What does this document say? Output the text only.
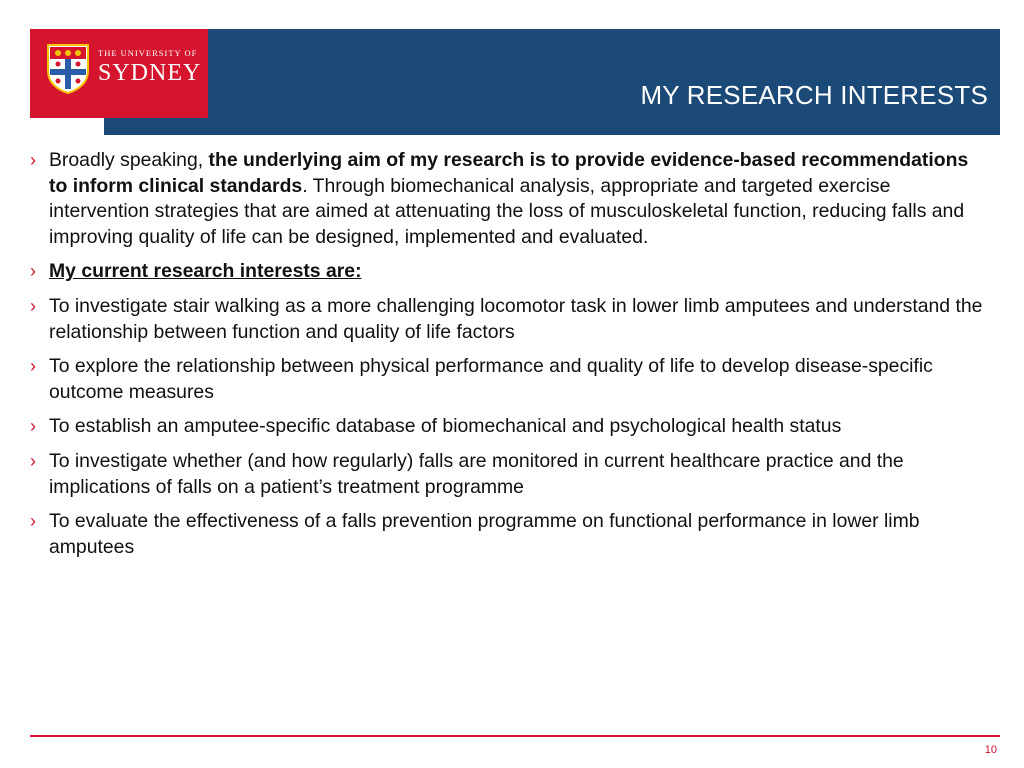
THE UNIVERSITY OF
SYDNEY
MY RESEARCH INTERESTS
› Broadly speaking, the underlying aim of my research is to provide evidence-based recommendations to inform clinical standards. Through biomechanical analysis, appropriate and targeted exercise intervention strategies that are aimed at attenuating the loss of musculoskeletal function, reducing falls and improving quality of life can be designed, implemented and evaluated.
› My current research interests are:
› To investigate stair walking as a more challenging locomotor task in lower limb amputees and understand the relationship between function and quality of life factors
› To explore the relationship between physical performance and quality of life to develop disease-specific outcome measures
› To establish an amputee-specific database of biomechanical and psychological health status
› To investigate whether (and how regularly) falls are monitored in current healthcare practice and the implications of falls on a patient’s treatment programme
› To evaluate the effectiveness of a falls prevention programme on functional performance in lower limb amputees
10
